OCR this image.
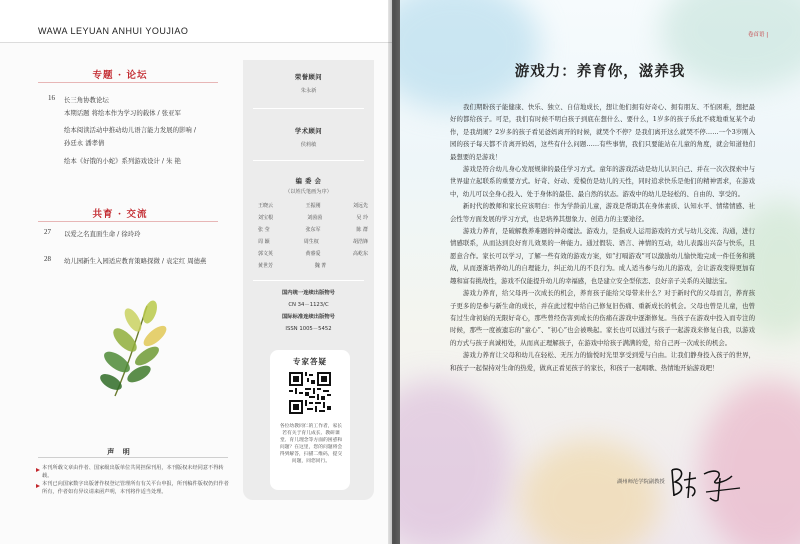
WAWA LEYUAN ANHUI YOUJIAO
专题 · 论坛
16 长三角协教论坛
本期话题 将绘本作为学习的载体 / 张亚军
绘本阅读活动中推动幼儿语言能力发展的影响 /
孙廷永 潘孝倩
绘本《好饿的小蛇》系列游戏设计 / 朱 艳
共育 · 交流
27 以爱之名直面生命 / 徐玲玲
28 幼儿园新生入园适应教育策略探微 / 袁定红 周德燕
声 明
本刊所载文章由作者、国家级出版单位共同担保刊用，本刊版权未经同意不得转载。
本刊已向国家数字出版著作权登记管理所有有关平台申报，所刊稿件版权仍归作者所有，作者如有异议请来函声明，本刊将作适当处理。
荣誉顾问
朱永新
学术顾问
侯莉敏
编 委 会
（以姓氏笔画为序）
王晓云	王振刚	刘远先
刘宝根	刘茵茵	吴 玲
张 莹	张东军	陈 群
周 颖	周生权	胡浩锋
郭文英	黄睿爱	高屹东
黄世芳	魏 菁
国内统一连续出版物号
CN 34－1123/C
国际标准连续出版物号
ISSN 1005－5452
专家答疑
各位幼教同仁的工作者，家长若有关于育儿成长、教研课堂、育儿理念等方面的困惑和问题？在这里，您的问题将会得到解答，扫描二维码，提交问题，同您同行。
卷首语 |
游戏力：养育你，滋养我

我们期盼孩子能健康、快乐、独立、自信地成长，想让他们拥有好奇心、拥有朋友、不怕困难，想把最好的都给孩子。可是，我们有时候不明白孩子到底在想什么、要什么，1岁多的孩子乐此不疲地重复某个动作，是我胡闹？2岁多的孩子看见爸妈离开的时候，就哭个不停？是我们离开这么就哭不停……一个3岁刚入园的孩子每天都不肯离开妈妈，这些有什么问题……有些事情，我们只要能站在儿童的角度，就会知道他们最想要的是游戏！

游戏是符合幼儿身心发展规律的最佳学习方式。童年的游戏活动是幼儿认识自己、并在一次次探索中与世界建立起联系的重要方式。好奇、好动、爱模仿是幼儿的天性，同时追求快乐是他们的精神需求，在游戏中，幼儿可以全身心投入、处于身体的最佳、最自然的状态。游戏中的幼儿是轻松的、自由的、享受的。

新时代的教师和家长应该明白：作为学龄前儿童，游戏是帮助其在身体素质、认知水平、情绪情感、社会性等方面发展的学习方式，也是培养其想象力、创造力的主要途径。

游戏力养育，是破解教养难题的神奇魔法。游戏力，是指成人运用游戏的方式与幼儿交流、沟通，进行情感联系，从而达到良好育儿效果的一种能力。通过假装、语言、神情的互动，幼儿表露出兴奋与快乐，且愿意合作。家长可以学习，了解一些有效的游戏方案，如“打嗝游戏”可以激励幼儿愉快地完成一件任务和挑战，从而逐渐培养幼儿的自理能力，纠正幼儿的不良行为。成人适当参与幼儿的游戏，会让游戏变得更加有趣和富有挑战性，游戏不仅能提升幼儿的幸福感，也是建立安全型依恋、良好亲子关系的关键法宝。

游戏力养育，给父母再一次成长的机会，养育孩子能给父母带来什么？对于新时代的父母而言，养育孩子更多的是参与新生命的成长，并在此过程中给自己修复旧伤痛、重新成长的机会。父母也曾是儿童，也曾有过生命初始的无限好奇心，那些曾经伤害到成长的伤痛在游戏中逐渐修复。当孩子在游戏中投入而专注的时候，那些一度被遗忘的“童心”、“初心”也会被唤起。家长也可以通过与孩子一起游戏来修复自我，以游戏的方式与孩子真诚相处，从而真正理解孩子，在游戏中给孩子满满的爱，给自己再一次成长的机会。

游戏力养育让父母和幼儿在轻松、无压力的愉悦时光里享受到爱与自由。让我们静身投入孩子的世界，和孩子一起保持对生命的热爱，做真正看见孩子的家长，和孩子一起唱歌、热情地开始游戏吧！

湖州师范学院副教授
